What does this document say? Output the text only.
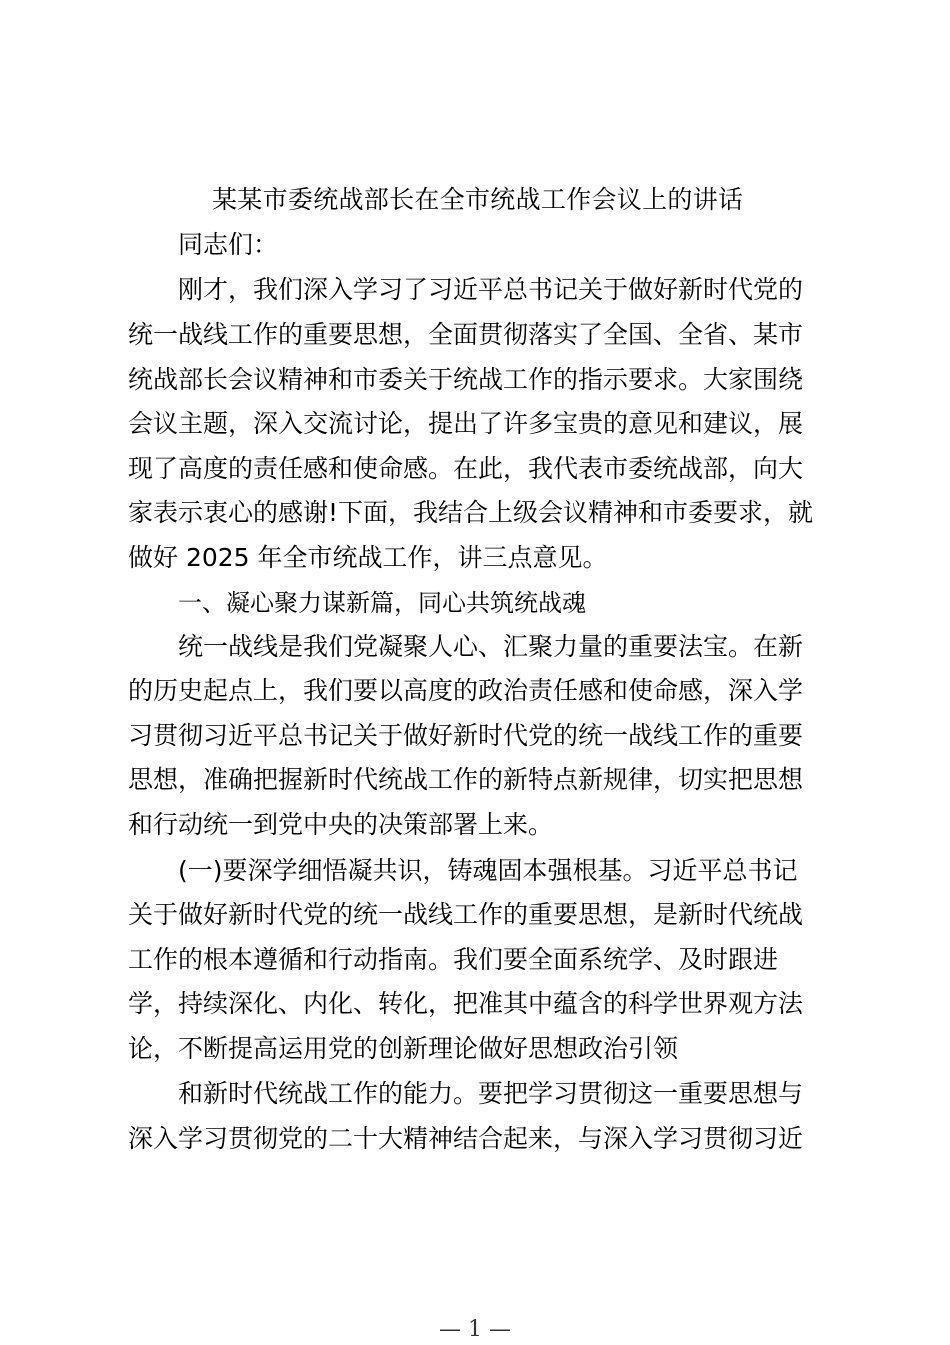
某某市委统战部长在全市统战工作会议上的讲话
同志们：
刚才，我们深入学习了习近平总书记关于做好新时代党的
统一战线工作的重要思想，全面贯彻落实了全国、全省、某市
统战部长会议精神和市委关于统战工作的指示要求。大家围绕
会议主题，深入交流讨论，提出了许多宝贵的意见和建议，展
现了高度的责任感和使命感。在此，我代表市委统战部，向大
家表示衷心的感谢!下面，我结合上级会议精神和市委要求，就
做好 2025 年全市统战工作，讲三点意见。
一、凝心聚力谋新篇，同心共筑统战魂
统一战线是我们党凝聚人心、汇聚力量的重要法宝。在新
的历史起点上，我们要以高度的政治责任感和使命感，深入学
习贯彻习近平总书记关于做好新时代党的统一战线工作的重要
思想，准确把握新时代统战工作的新特点新规律，切实把思想
和行动统一到党中央的决策部署上来。
(一)要深学细悟凝共识，铸魂固本强根基。习近平总书记
关于做好新时代党的统一战线工作的重要思想，是新时代统战
工作的根本遵循和行动指南。我们要全面系统学、及时跟进
学，持续深化、内化、转化，把准其中蕴含的科学世界观方法
论，不断提高运用党的创新理论做好思想政治引领
和新时代统战工作的能力。要把学习贯彻这一重要思想与
深入学习贯彻党的二十大精神结合起来，与深入学习贯彻习近
— 1 —
